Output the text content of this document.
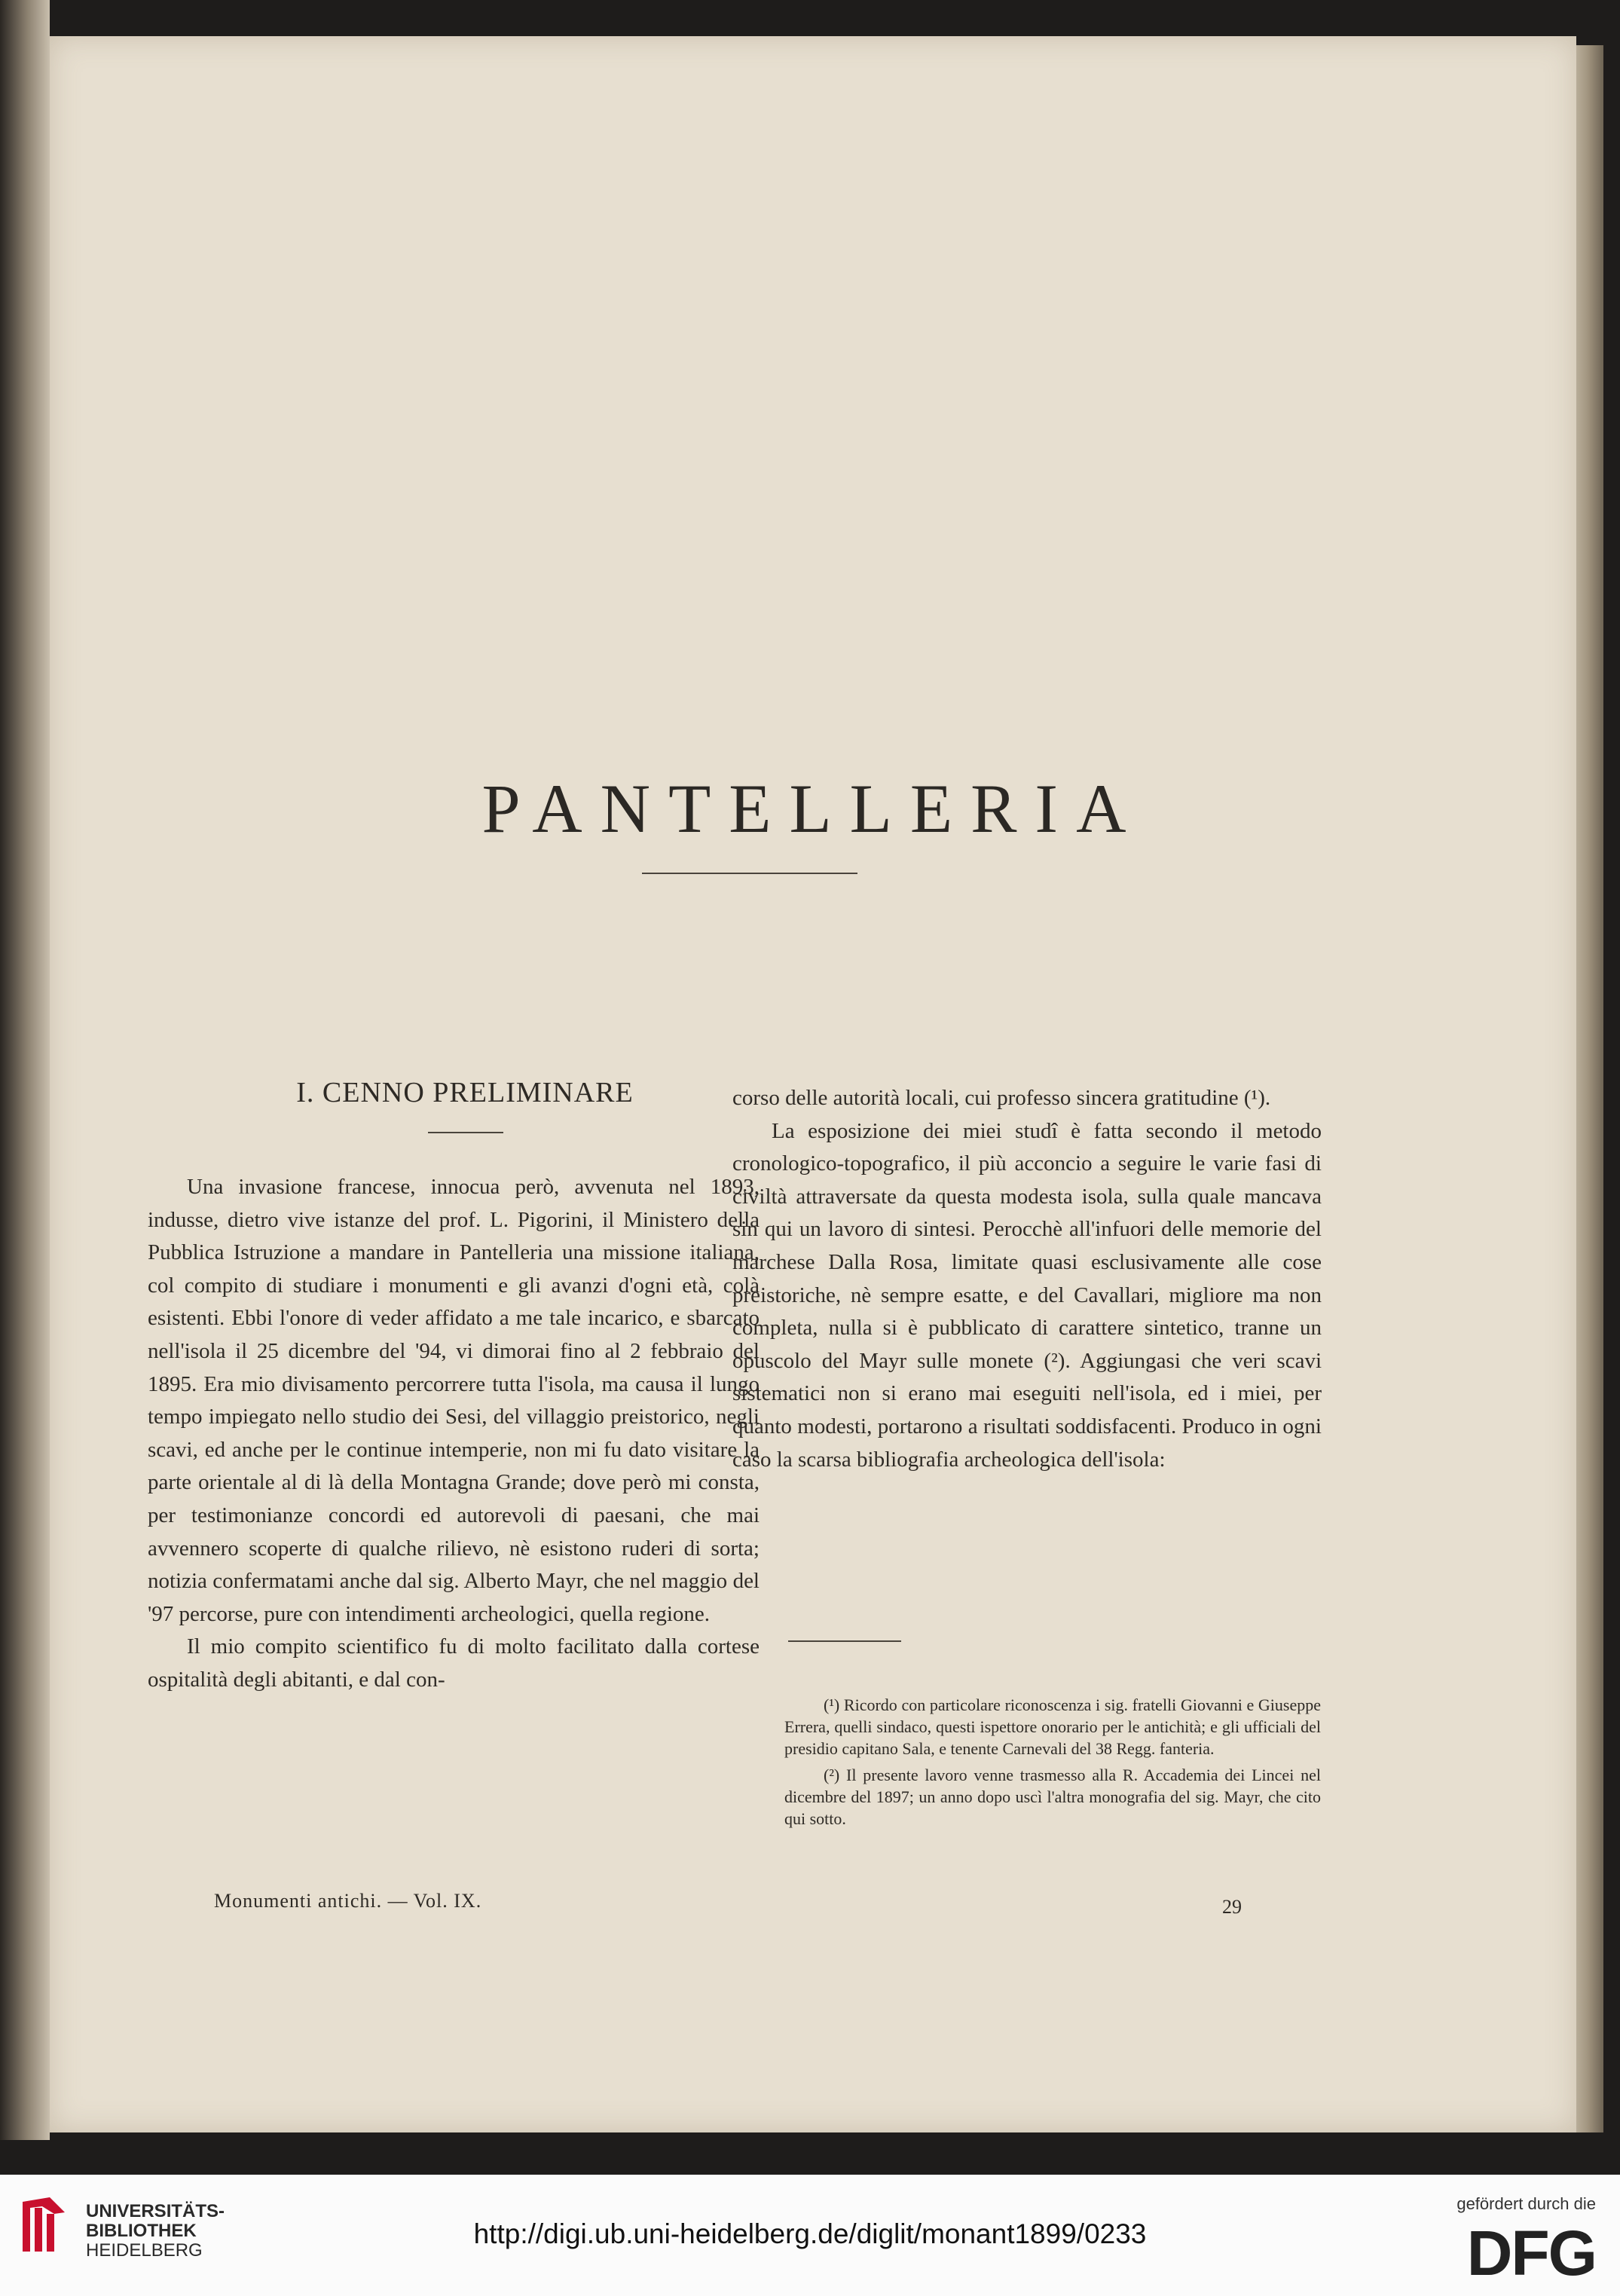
PANTELLERIA
I. CENNO PRELIMINARE

Una invasione francese, innocua però, avvenuta nel 1893, indusse, dietro vive istanze del prof. L. Pigorini, il Ministero della Pubblica Istruzione a mandare in Pantelleria una missione italiana, col compito di studiare i monumenti e gli avanzi d'ogni età, colà esistenti. Ebbi l'onore di veder affidato a me tale incarico, e sbarcato nell'isola il 25 dicembre del '94, vi dimorai fino al 2 febbraio del 1895. Era mio divisamento percorrere tutta l'isola, ma causa il lungo tempo impiegato nello studio dei Sesi, del villaggio preistorico, negli scavi, ed anche per le continue intemperie, non mi fu dato visitare la parte orientale al di là della Montagna Grande; dove però mi consta, per testimonianze concordi ed autorevoli di paesani, che mai avvennero scoperte di qualche rilievo, nè esistono ruderi di sorta; notizia confermatami anche dal sig. Alberto Mayr, che nel maggio del '97 percorse, pure con intendimenti archeologici, quella regione.

Il mio compito scientifico fu di molto facilitato dalla cortese ospitalità degli abitanti, e dal con-

corso delle autorità locali, cui professo sincera gratitudine (¹).

La esposizione dei miei studî è fatta secondo il metodo cronologico-topografico, il più acconcio a seguire le varie fasi di civiltà attraversate da questa modesta isola, sulla quale mancava sin qui un lavoro di sintesi. Perocchè all'infuori delle memorie del marchese Dalla Rosa, limitate quasi esclusivamente alle cose preistoriche, nè sempre esatte, e del Cavallari, migliore ma non completa, nulla si è pubblicato di carattere sintetico, tranne un opuscolo del Mayr sulle monete (²). Aggiungasi che veri scavi sistematici non si erano mai eseguiti nell'isola, ed i miei, per quanto modesti, portarono a risultati soddisfacenti. Produco in ogni caso la scarsa bibliografia archeologica dell'isola:

(¹) Ricordo con particolare riconoscenza i sig. fratelli Giovanni e Giuseppe Errera, quelli sindaco, questi ispettore onorario per le antichità; e gli ufficiali del presidio capitano Sala, e tenente Carnevali del 38 Regg. fanteria.

(²) Il presente lavoro venne trasmesso alla R. Accademia dei Lincei nel dicembre del 1897; un anno dopo uscì l'altra monografia del sig. Mayr, che cito qui sotto.

Monumenti antichi. — Vol. IX.	29
UNIVERSITÄTS-
BIBLIOTHEK
HEIDELBERG
http://digi.ub.uni-heidelberg.de/diglit/monant1899/0233
gefördert durch die
DFG
